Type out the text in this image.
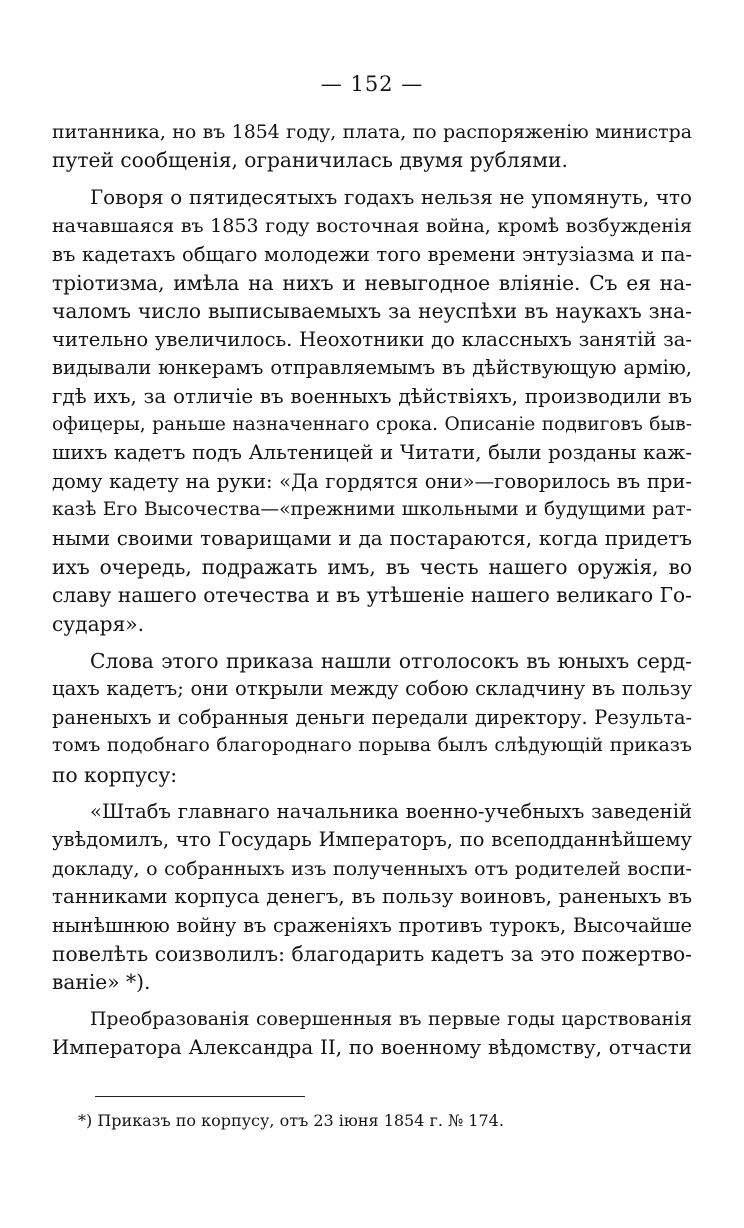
— 152 —

питанника, но въ 1854 году, плата, по распоряженію министра
путей сообщенія, ограничилась двумя рублями.

Говоря о пятидесятыхъ годахъ нельзя не упомянуть, что
начавшаяся въ 1853 году восточная война, кромѣ возбужденія
въ кадетахъ общаго молодежи того времени энтузіазма и па-
тріотизма, имѣла на нихъ и невыгодное вліяніе. Съ ея на-
чаломъ число выписываемыхъ за неуспѣхи въ наукахъ зна-
чительно увеличилось. Неохотники до классныхъ занятій за-
видывали юнкерамъ отправляемымъ въ дѣйствующую армію,
гдѣ ихъ, за отличіе въ военныхъ дѣйствіяхъ, производили въ
офицеры, раньше назначеннаго срока. Описаніе подвиговъ быв-
шихъ кадетъ подъ Альтеницей и Читати, были розданы каж-
дому кадету на руки: «Да гордятся они»—говорилось въ при-
казѣ Его Высочества—«прежними школьными и будущими рат-
ными своими товарищами и да постараются, когда придетъ
ихъ очередь, подражать имъ, въ честь нашего оружія, во
славу нашего отечества и въ утѣшеніе нашего великаго Го-
сударя».

Слова этого приказа нашли отголосокъ въ юныхъ серд-
цахъ кадетъ; они открыли между собою складчину въ пользу
раненыхъ и собранныя деньги передали директору. Результа-
томъ подобнаго благороднаго порыва былъ слѣдующій приказъ
по корпусу:

«Штабъ главнаго начальника военно-учебныхъ заведеній
увѣдомилъ, что Государь Императоръ, по всеподданнѣйшему
докладу, о собранныхъ изъ полученныхъ отъ родителей воспи-
танниками корпуса денегъ, въ пользу воиновъ, раненыхъ въ
нынѣшнюю войну въ сраженіяхъ противъ турокъ, Высочайше
повелѣть соизволилъ: благодарить кадетъ за это пожертво-
ваніе» *).

Преобразованія совершенныя въ первые годы царствованія
Императора Александра II, по военному вѣдомству, отчасти

*) Приказъ по корпусу, отъ 23 іюня 1854 г. № 174.
